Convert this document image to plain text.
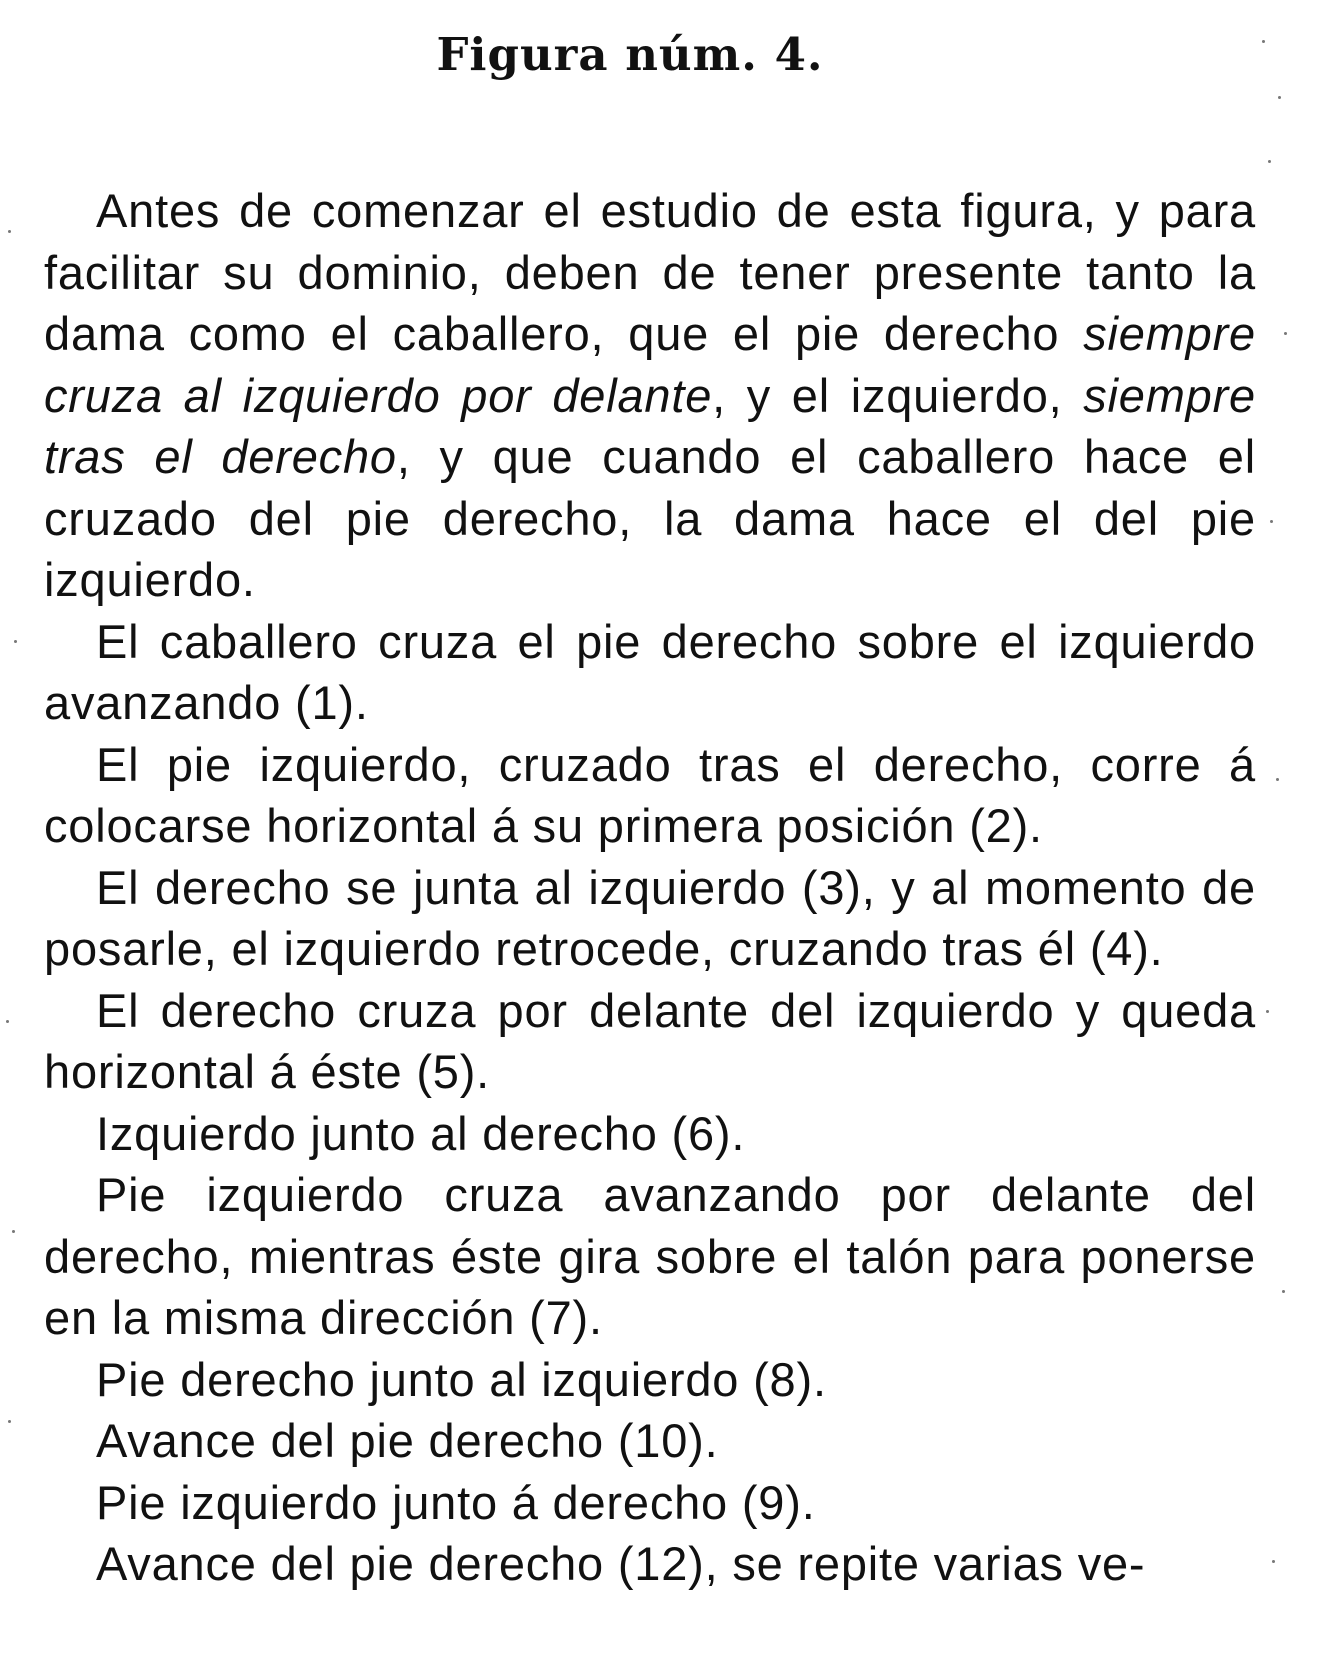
Figura núm. 4.

Antes de comenzar el estudio de esta figura, y para facilitar su dominio, deben de tener presente tanto la dama como el caballero, que el pie derecho siempre cruza al izquierdo por delante, y el izquierdo, siempre tras el derecho, y que cuando el caballero hace el cruzado del pie derecho, la dama hace el del pie izquierdo.

El caballero cruza el pie derecho sobre el izquierdo avanzando (1).

El pie izquierdo, cruzado tras el derecho, corre á colocarse horizontal á su primera posición (2).

El derecho se junta al izquierdo (3), y al momento de posarle, el izquierdo retrocede, cruzando tras él (4).

El derecho cruza por delante del izquierdo y queda horizontal á éste (5).

Izquierdo junto al derecho (6).

Pie izquierdo cruza avanzando por delante del derecho, mientras éste gira sobre el talón para ponerse en la misma dirección (7).

Pie derecho junto al izquierdo (8).

Avance del pie derecho (10).

Pie izquierdo junto á derecho (9).

Avance del pie derecho (12), se repite varias ve-
